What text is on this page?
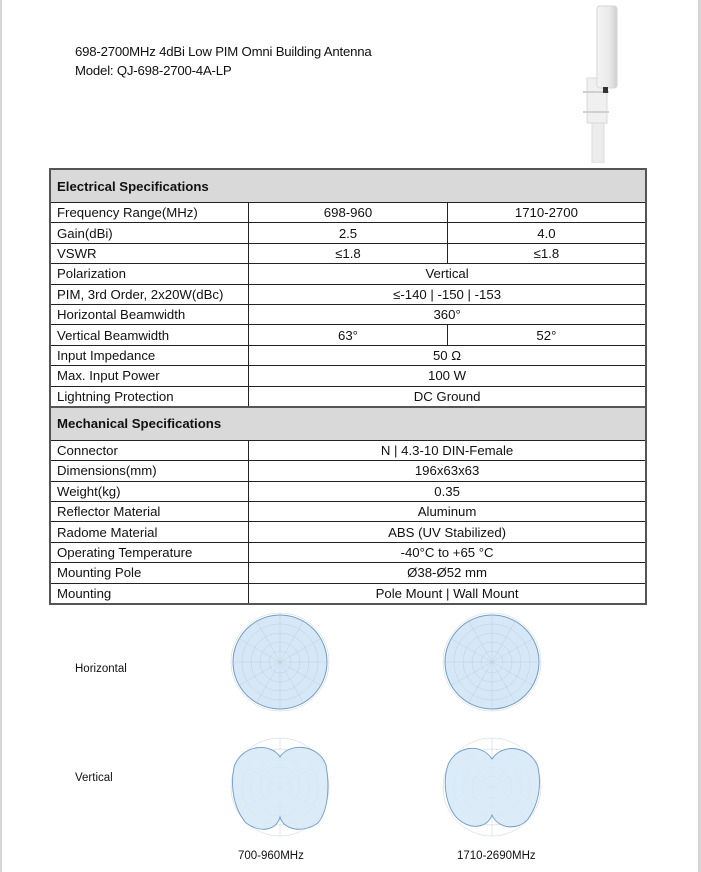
698-2700MHz 4dBi Low PIM Omni Building Antenna
Model: QJ-698-2700-4A-LP
Electrical Specifications		
Frequency Range(MHz)	698-960	1710-2700
Gain(dBi)	2.5	4.0
VSWR	≤1.8	≤1.8
Polarization	Vertical	
PIM, 3rd Order, 2x20W(dBc)	≤-140 | -150 | -153	
Horizontal Beamwidth	360°	
Vertical Beamwidth	63°	52°
Input Impedance	50 Ω	
Max. Input Power	100 W	
Lightning Protection	DC Ground	
Mechanical Specifications		
Connector	N | 4.3-10 DIN-Female	
Dimensions(mm)	196x63x63	
Weight(kg)	0.35	
Reflector Material	Aluminum	
Radome Material	ABS (UV Stabilized)	
Operating Temperature	-40°C to +65 °C	
Mounting Pole	Ø38-Ø52 mm	
Mounting	Pole Mount | Wall Mount	
Horizontal
Vertical
700-960MHz	1710-2690MHz
